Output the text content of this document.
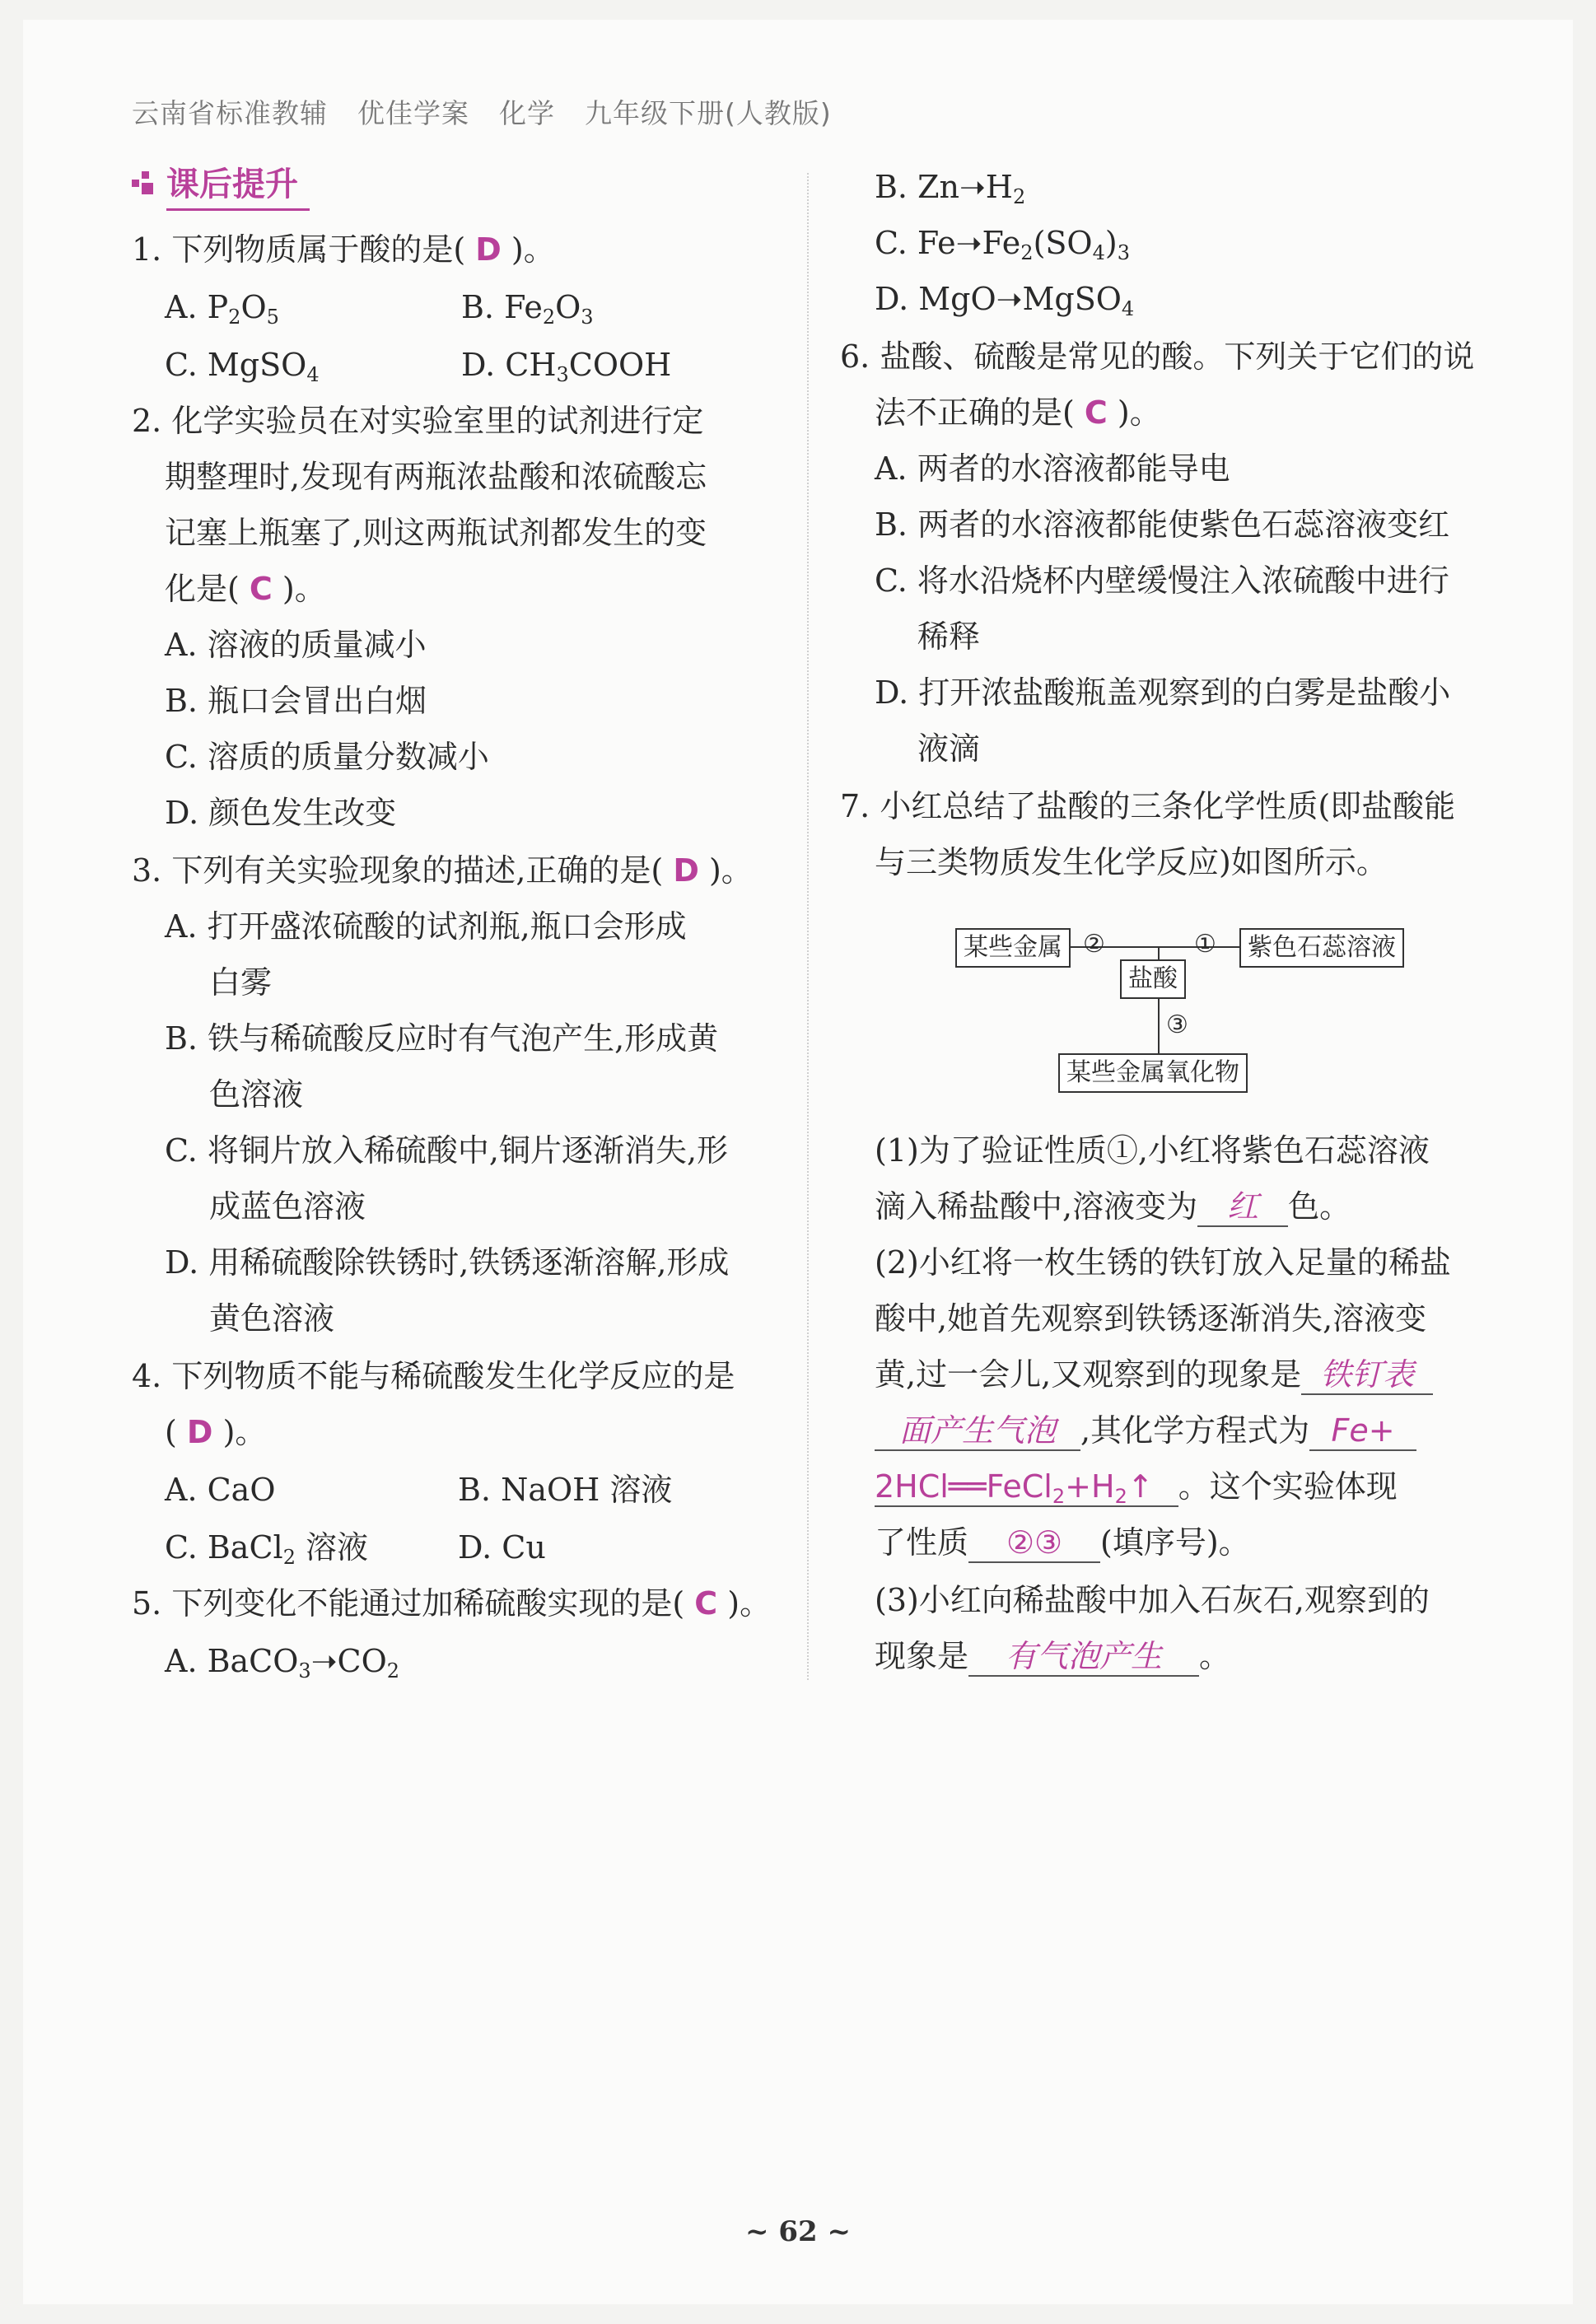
云南省标准教辅 优佳学案 化学 九年级下册(人教版)
课后提升
1. 下列物质属于酸的是( D )。
A. $P_2O_5$	B. $Fe_2O_3$
C. MgSO$_4$	D. $CH_3COOH$
2. 化学实验员在对实验室里的试剂进行定
期整理时,发现有两瓶浓盐酸和浓硫酸忘
记塞上瓶塞了,则这两瓶试剂都发生的变
化是( C )。
A. 溶液的质量减小
B. 瓶口会冒出白烟
C. 溶质的质量分数减小
D. 颜色发生改变
3. 下列有关实验现象的描述,正确的是( D )。
A. 打开盛浓硫酸的试剂瓶,瓶口会形成
白雾
B. 铁与稀硫酸反应时有气泡产生,形成黄
色溶液
C. 将铜片放入稀硫酸中,铜片逐渐消失,形
成蓝色溶液
D. 用稀硫酸除铁锈时,铁锈逐渐溶解,形成
黄色溶液
4. 下列物质不能与稀硫酸发生化学反应的是
( D )。
A. CaO	B. NaOH 溶液
C. BaCl$_2$ 溶液	D. Cu
5. 下列变化不能通过加稀硫酸实现的是( C )。
A. $BaCO_3➝CO_2$
B. $Zn➝H_2$
C. $Fe➝Fe_2(SO_4)_3$
D. MgO➝MgSO$_4$
6. 盐酸、硫酸是常见的酸。下列关于它们的说
法不正确的是( C )。
A. 两者的水溶液都能导电
B. 两者的水溶液都能使紫色石蕊溶液变红
C. 将水沿烧杯内壁缓慢注入浓硫酸中进行
稀释
D. 打开浓盐酸瓶盖观察到的白雾是盐酸小
液滴
7. 小红总结了盐酸的三条化学性质(即盐酸能
与三类物质发生化学反应)如图所示。
某些金属	紫色石蕊溶液
盐酸
某些金属氧化物
②	①
③
(1)为了验证性质①,小红将紫色石蕊溶液
滴入稀盐酸中,溶液变为 红 色。
(2)小红将一枚生锈的铁钉放入足量的稀盐
酸中,她首先观察到铁锈逐渐消失,溶液变
黄,过一会儿,又观察到的现象是 铁钉表
面产生气泡 ,其化学方程式为 Fe+
$2HCl══FeCl_2+H_2↑$ 。这个实验体现
了性质 ②③ (填序号)。
(3)小红向稀盐酸中加入石灰石,观察到的
现象是 有气泡产生 。
~ 62 ~
